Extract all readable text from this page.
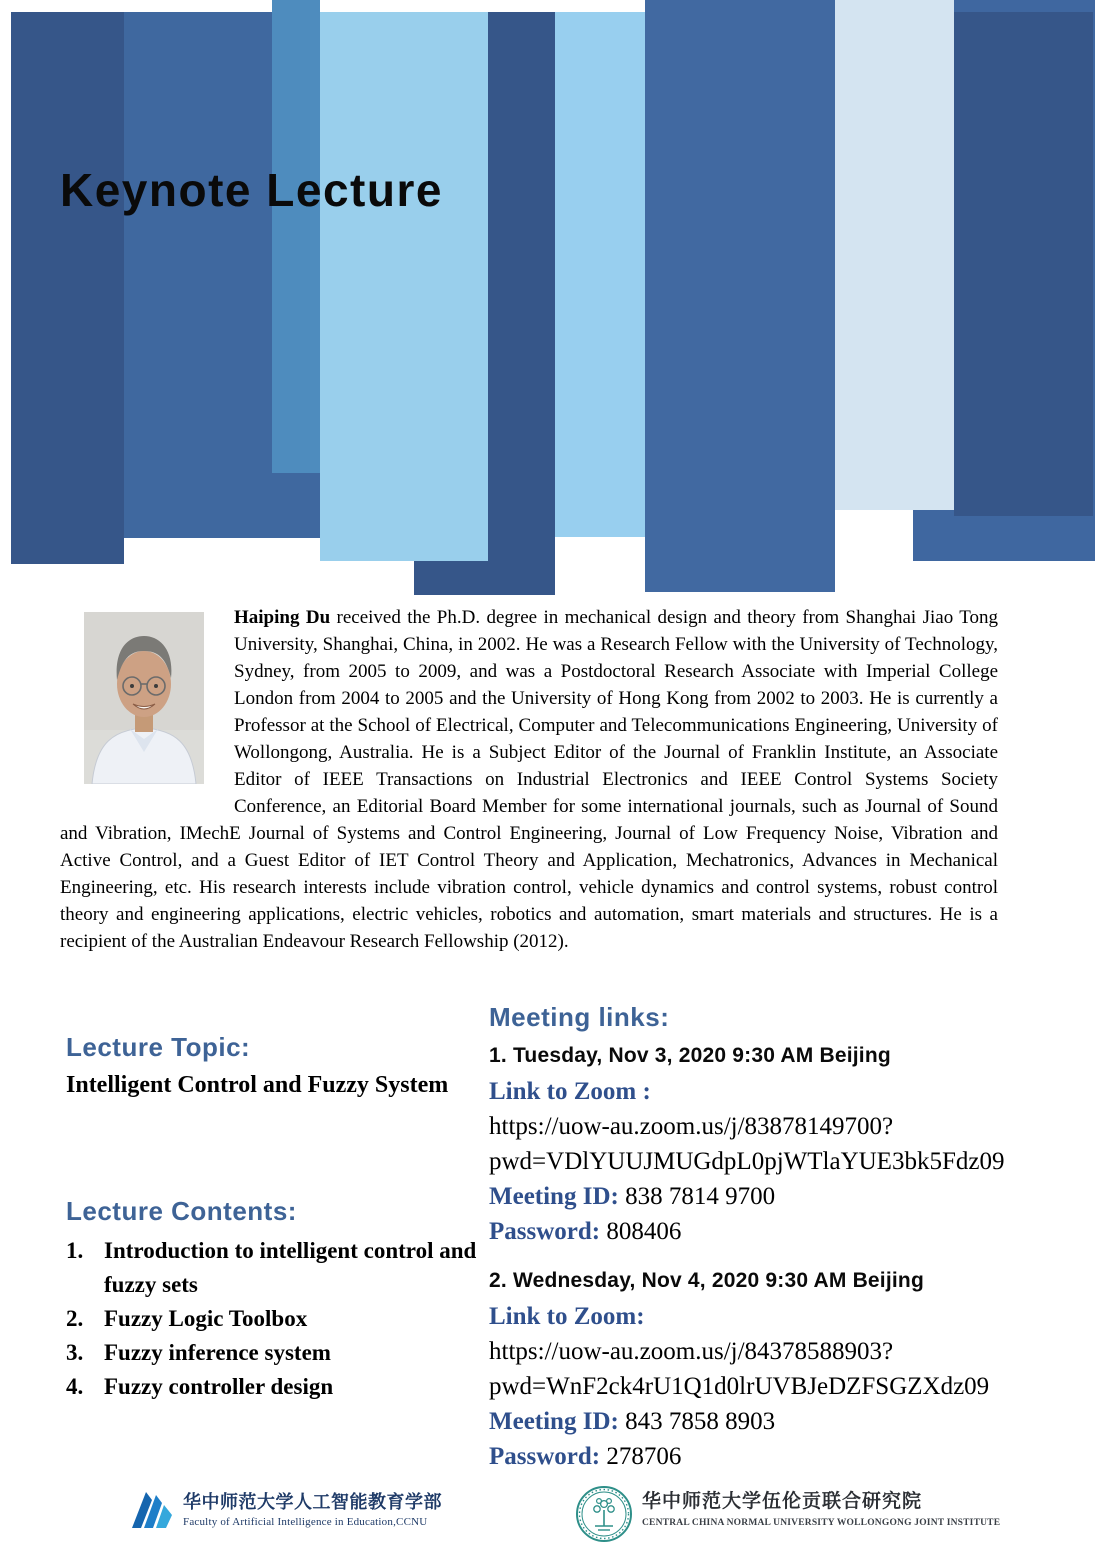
Keynote Lecture
Haiping Du received the Ph.D. degree in mechanical design and theory from Shanghai Jiao Tong University, Shanghai, China, in 2002. He was a Research Fellow with the University of Technology, Sydney, from 2005 to 2009, and was a Postdoctoral Research Associate with Imperial College London from 2004 to 2005 and the University of Hong Kong from 2002 to 2003. He is currently a Professor at the School of Electrical, Computer and Telecommunications Engineering, University of Wollongong, Australia. He is a Subject Editor of the Journal of Franklin Institute, an Associate Editor of IEEE Transactions on Industrial Electronics and IEEE Control Systems Society Conference, an Editorial Board Member for some international journals, such as Journal of Sound and Vibration, IMechE Journal of Systems and Control Engineering, Journal of Low Frequency Noise, Vibration and Active Control, and a Guest Editor of IET Control Theory and Application, Mechatronics, Advances in Mechanical Engineering, etc. His research interests include vibration control, vehicle dynamics and control systems, robust control theory and engineering applications, electric vehicles, robotics and automation, smart materials and structures. He is a recipient of the Australian Endeavour Research Fellowship (2012).
Lecture Topic:
Intelligent Control and Fuzzy System
Lecture Contents:
1. Introduction to intelligent control and fuzzy sets
2. Fuzzy Logic Toolbox
3. Fuzzy inference system
4. Fuzzy controller design
Meeting links:
1. Tuesday, Nov 3, 2020 9:30 AM Beijing
Link to Zoom :
https://uow-au.zoom.us/j/83878149700?
pwd=VDlYUUJMUGdpL0pjWTlaYUE3bk5Fdz09
Meeting ID: 838 7814 9700
Password: 808406
2. Wednesday, Nov 4, 2020 9:30 AM Beijing
Link to Zoom:
https://uow-au.zoom.us/j/84378588903?
pwd=WnF2ck4rU1Q1d0lrUVBJeDZFSGZXdz09
Meeting ID: 843 7858 8903
Password: 278706
华中师范大学人工智能教育学部
Faculty of Artificial Intelligence in Education,CCNU
华中师范大学伍伦贡联合研究院
CENTRAL CHINA NORMAL UNIVERSITY WOLLONGONG JOINT INSTITUTE
